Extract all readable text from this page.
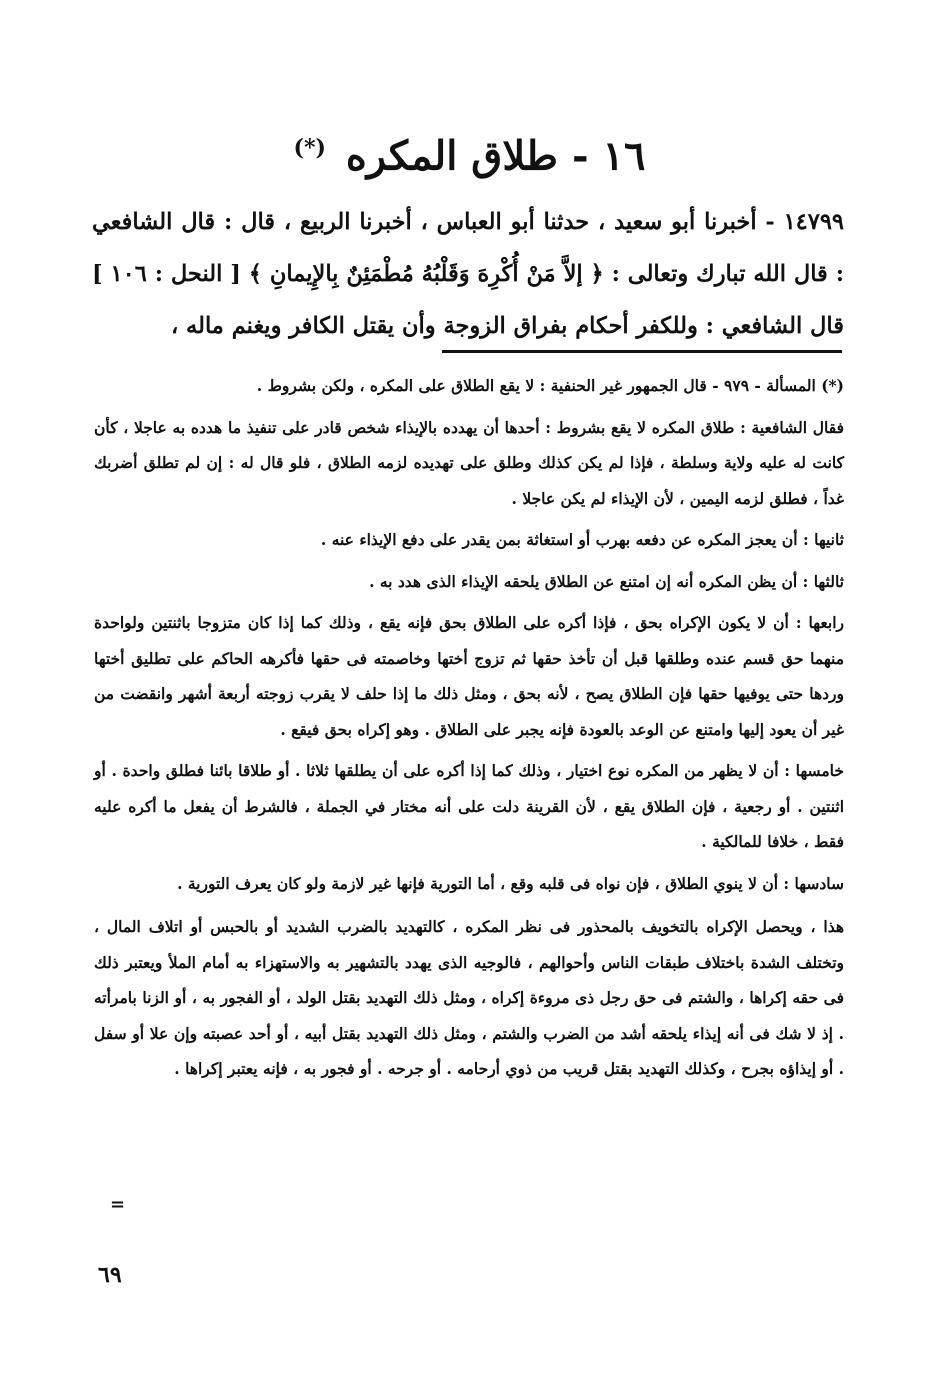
١٦ - طلاق المكره (*)

١٤٧٩٩ - أخبرنا أبو سعيد ، حدثنا أبو العباس ، أخبرنا الربيع ، قال : قال الشافعي : قال الله تبارك وتعالى : ﴿ إلاَّ مَنْ أُكْرِهَ وَقَلْبُهُ مُطْمَئِنٌ بِالإِيمانِ ﴾ [ النحل : ١٠٦ ] قال الشافعي : وللكفر أحكام بفراق الزوجة وأن يقتل الكافر ويغنم ماله ،

(*) المسألة - ٩٧٩ - قال الجمهور غير الحنفية : لا يقع الطلاق على المكره ، ولكن بشروط .

فقال الشافعية : طلاق المكره لا يقع بشروط : أحدها أن يهدده بالإيذاء شخص قادر على تنفيذ ما هدده به عاجلا ، كأن كانت له عليه ولاية وسلطة ، فإذا لم يكن كذلك وطلق على تهديده لزمه الطلاق ، فلو قال له : إن لم تطلق أضربك غداً ، فطلق لزمه اليمين ، لأن الإيذاء لم يكن عاجلا .

ثانيها : أن يعجز المكره عن دفعه بهرب أو استغاثة بمن يقدر على دفع الإيذاء عنه .

ثالثها : أن يظن المكره أنه إن امتنع عن الطلاق يلحقه الإيذاء الذى هدد به .

رابعها : أن لا يكون الإكراه بحق ، فإذا أكره على الطلاق بحق فإنه يقع ، وذلك كما إذا كان متزوجا باثنتين ولواحدة منهما حق قسم عنده وطلقها قبل أن تأخذ حقها ثم تزوج أختها وخاصمته فى حقها فأكرهه الحاكم على تطليق أختها وردها حتى يوفيها حقها فإن الطلاق يصح ، لأنه بحق ، ومثل ذلك ما إذا حلف لا يقرب زوجته أربعة أشهر وانقضت من غير أن يعود إليها وامتنع عن الوعد بالعودة فإنه يجبر على الطلاق . وهو إكراه بحق فيقع .

خامسها : أن لا يظهر من المكره نوع اختيار ، وذلك كما إذا أكره على أن يطلقها ثلاثا . أو طلاقا بائنا فطلق واحدة . أو اثنتين . أو رجعية ، فإن الطلاق يقع ، لأن القرينة دلت على أنه مختار في الجملة ، فالشرط أن يفعل ما أكره عليه فقط ، خلافا للمالكية .

سادسها : أن لا ينوي الطلاق ، فإن نواه فى قلبه وقع ، أما التورية فإنها غير لازمة ولو كان يعرف التورية .

هذا ، ويحصل الإكراه بالتخويف بالمحذور فى نظر المكره ، كالتهديد بالضرب الشديد أو بالحبس أو اتلاف المال ، وتختلف الشدة باختلاف طبقات الناس وأحوالهم ، فالوجيه الذى يهدد بالتشهير به والاستهزاء به أمام الملأ ويعتبر ذلك فى حقه إكراها ، والشتم فى حق رجل ذى مروءة إكراه ، ومثل ذلك التهديد بقتل الولد ، أو الفجور به ، أو الزنا بامرأته . إذ لا شك فى أنه إيذاء يلحقه أشد من الضرب والشتم ، ومثل ذلك التهديد بقتل أبيه ، أو أحد عصبته وإن علا أو سفل . أو إيذاؤه بجرح ، وكذلك التهديد بقتل قريب من ذوي أرحامه . أو جرحه . أو فجور به ، فإنه يعتبر إكراها .

=
٦٩
